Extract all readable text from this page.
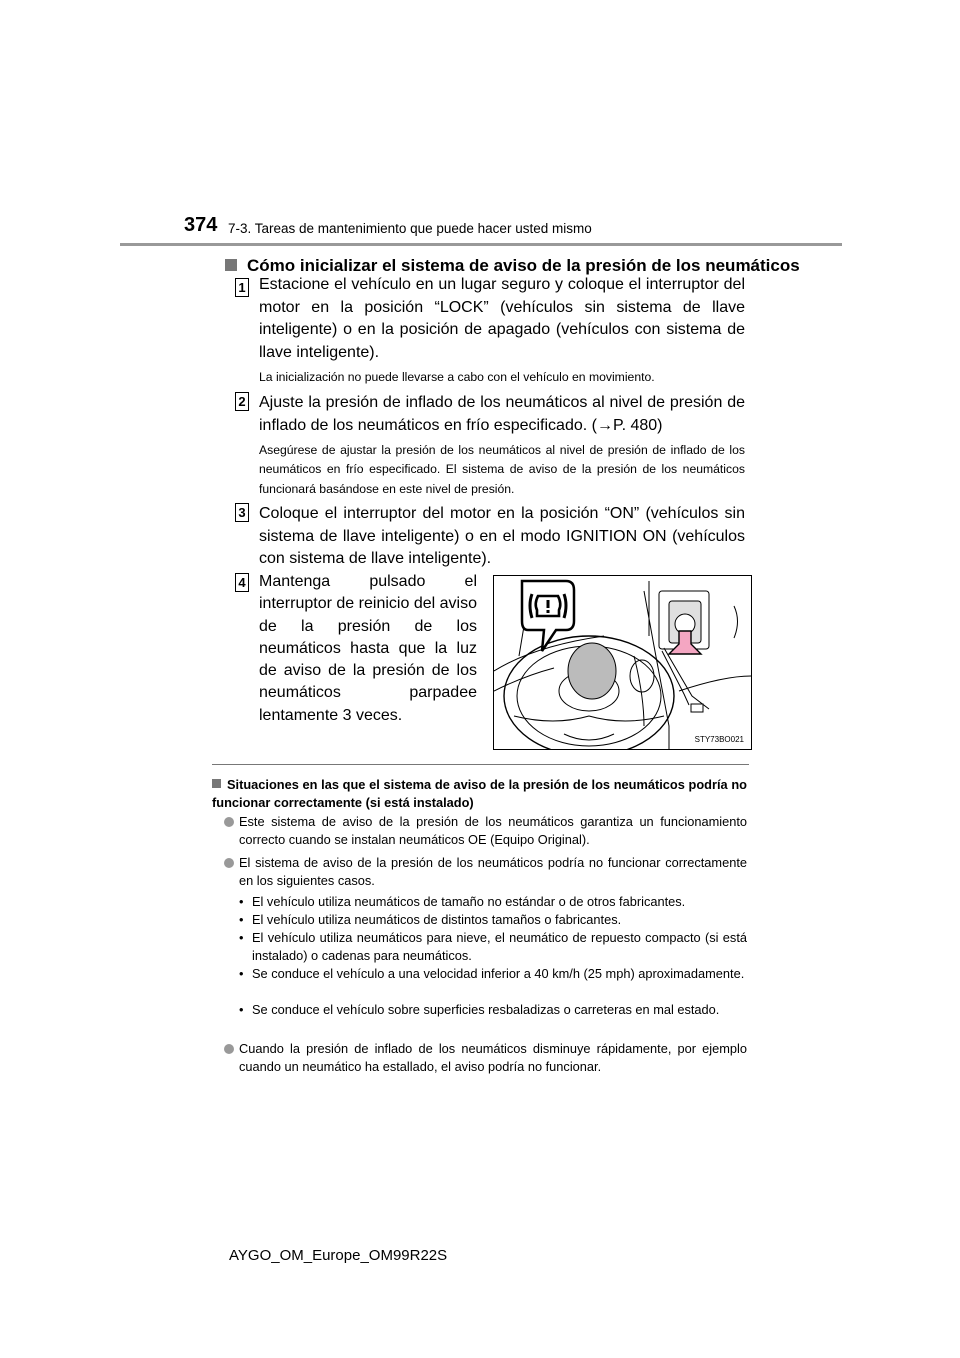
374 7-3. Tareas de mantenimiento que puede hacer usted mismo
Cómo inicializar el sistema de aviso de la presión de los neumáticos
1 Estacione el vehículo en un lugar seguro y coloque el interruptor del motor en la posición “LOCK” (vehículos sin sistema de llave inteligente) o en la posición de apagado (vehículos con sistema de llave inteligente).
La inicialización no puede llevarse a cabo con el vehículo en movimiento.
2 Ajuste la presión de inflado de los neumáticos al nivel de presión de inflado de los neumáticos en frío especificado. (→P. 480)
Asegúrese de ajustar la presión de los neumáticos al nivel de presión de inflado de los neumáticos en frío especificado. El sistema de aviso de la presión de los neumáticos funcionará basándose en este nivel de presión.
3 Coloque el interruptor del motor en la posición “ON” (vehículos sin sistema de llave inteligente) o en el modo IGNITION ON (vehículos con sistema de llave inteligente).
4 Mantenga pulsado el interruptor de reinicio del aviso de la presión de los neumáticos hasta que la luz de aviso de la presión de los neumáticos parpadee lentamente 3 veces.
STY73BO021
Situaciones en las que el sistema de aviso de la presión de los neumáticos podría no funcionar correctamente (si está instalado)
Este sistema de aviso de la presión de los neumáticos garantiza un funcionamiento correcto cuando se instalan neumáticos OE (Equipo Original).
El sistema de aviso de la presión de los neumáticos podría no funcionar correctamente en los siguientes casos.
• El vehículo utiliza neumáticos de tamaño no estándar o de otros fabricantes.
• El vehículo utiliza neumáticos de distintos tamaños o fabricantes.
• El vehículo utiliza neumáticos para nieve, el neumático de repuesto compacto (si está instalado) o cadenas para neumáticos.
• Se conduce el vehículo a una velocidad inferior a 40 km/h (25 mph) aproximadamente.
• Se conduce el vehículo sobre superficies resbaladizas o carreteras en mal estado.
Cuando la presión de inflado de los neumáticos disminuye rápidamente, por ejemplo cuando un neumático ha estallado, el aviso podría no funcionar.
AYGO_OM_Europe_OM99R22S
